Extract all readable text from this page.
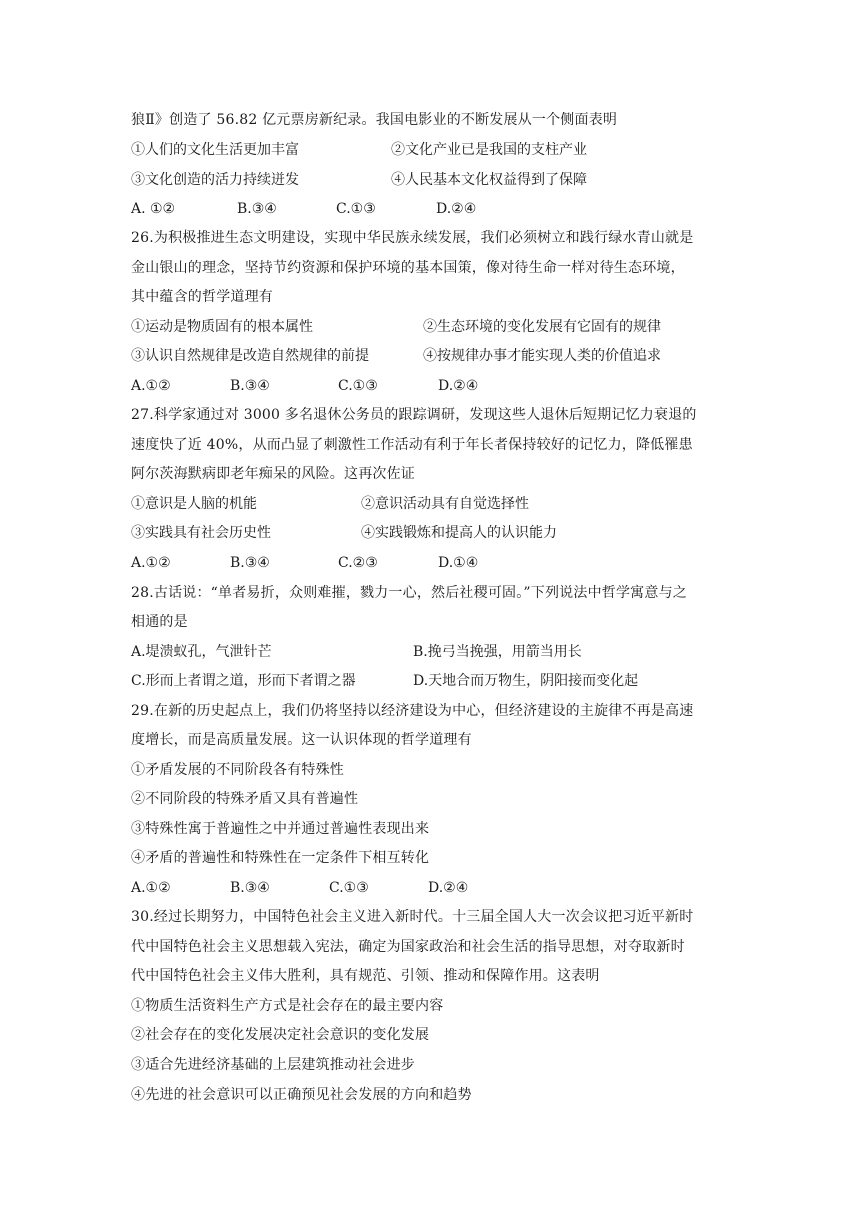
狼Ⅱ》创造了 56.82 亿元票房新纪录。我国电影业的不断发展从一个侧面表明
①人们的文化生活更加丰富	②文化产业已是我国的支柱产业
③文化创造的活力持续迸发	④人民基本文化权益得到了保障
A. ①②	B.③④	C.①③	D.②④
26.为积极推进生态文明建设，实现中华民族永续发展，我们必须树立和践行绿水青山就是
金山银山的理念，坚持节约资源和保护环境的基本国策，像对待生命一样对待生态环境，
其中蕴含的哲学道理有
①运动是物质固有的根本属性	②生态环境的变化发展有它固有的规律
③认识自然规律是改造自然规律的前提	④按规律办事才能实现人类的价值追求
A.①②	B.③④	C.①③	D.②④
27.科学家通过对 3000 多名退休公务员的跟踪调研，发现这些人退休后短期记忆力衰退的
速度快了近 40%，从而凸显了刺激性工作活动有利于年长者保持较好的记忆力，降低罹患
阿尔茨海默病即老年痴呆的风险。这再次佐证
①意识是人脑的机能	②意识活动具有自觉选择性
③实践具有社会历史性	④实践锻炼和提高人的认识能力
A.①②	B.③④	C.②③	D.①④
28.古话说：“单者易折，众则难摧，戮力一心，然后社稷可固。”下列说法中哲学寓意与之
相通的是
A.堤溃蚁孔，气泄针芒	B.挽弓当挽强，用箭当用长
C.形而上者谓之道，形而下者谓之器	D.天地合而万物生，阴阳接而变化起
29.在新的历史起点上，我们仍将坚持以经济建设为中心，但经济建设的主旋律不再是高速
度增长，而是高质量发展。这一认识体现的哲学道理有
①矛盾发展的不同阶段各有特殊性
②不同阶段的特殊矛盾又具有普遍性
③特殊性寓于普遍性之中并通过普遍性表现出来
④矛盾的普遍性和特殊性在一定条件下相互转化
A.①②	B.③④	C.①③	D.②④
30.经过长期努力，中国特色社会主义进入新时代。十三届全国人大一次会议把习近平新时
代中国特色社会主义思想载入宪法，确定为国家政治和社会生活的指导思想，对夺取新时
代中国特色社会主义伟大胜利，具有规范、引领、推动和保障作用。这表明
①物质生活资料生产方式是社会存在的最主要内容
②社会存在的变化发展决定社会意识的变化发展
③适合先进经济基础的上层建筑推动社会进步
④先进的社会意识可以正确预见社会发展的方向和趋势
